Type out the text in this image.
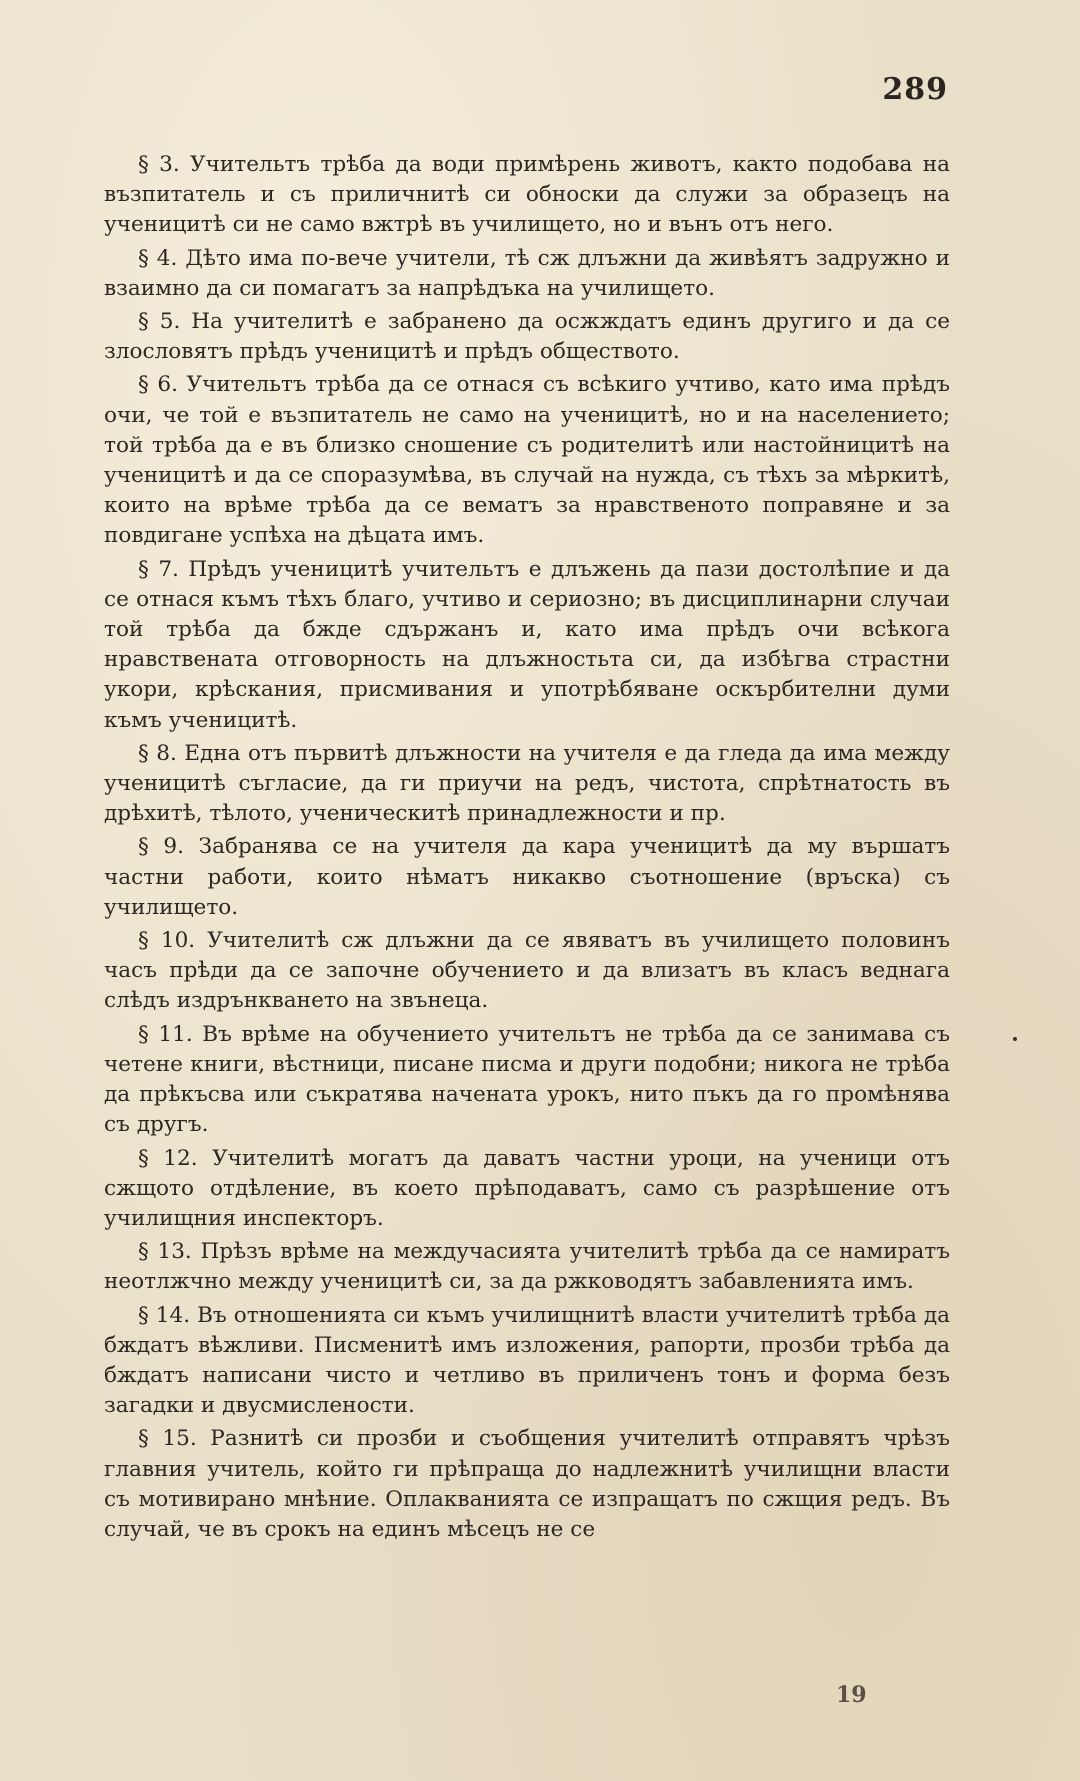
289

§ 3. Учительтъ трѣба да води примѣрень животъ, както подобава на възпитатель и съ приличнитѣ си обноски да служи за образецъ на ученицитѣ си не само вжтрѣ въ училището, но и вънъ отъ него.

§ 4. Дѣто има по-вече учители, тѣ сж длъжни да живѣятъ задружно и взаимно да си помагатъ за напрѣдъка на училището.

§ 5. На учителитѣ е забранено да осжждатъ единъ другиго и да се злословятъ прѣдъ ученицитѣ и прѣдъ обществото.

§ 6. Учительтъ трѣба да се отнася съ всѣкиго учтиво, като има прѣдъ очи, че той е възпитатель не само на ученицитѣ, но и на населението; той трѣба да е въ близко сношение съ родителитѣ или настойницитѣ на ученицитѣ и да се споразумѣва, въ случай на нужда, съ тѣхъ за мѣркитѣ, които на врѣме трѣба да се вематъ за нравственото поправяне и за повдигане успѣха на дѣцата имъ.

§ 7. Прѣдъ ученицитѣ учительтъ е длъжень да пази достолѣпие и да се отнася къмъ тѣхъ благо, учтиво и сериозно; въ дисциплинарни случаи той трѣба да бжде сдържанъ и, като има прѣдъ очи всѣкога нравствената отговорность на длъжностьта си, да избѣгва страстни укори, крѣскания, присмивания и употрѣбяване оскърбителни думи къмъ ученицитѣ.

§ 8. Една отъ първитѣ длъжности на учителя е да гледа да има между ученицитѣ съгласие, да ги приучи на редъ, чистота, спрѣтнатость въ дрѣхитѣ, тѣлото, ученическитѣ принадлежности и пр.

§ 9. Забранява се на учителя да кара ученицитѣ да му вършатъ частни работи, които нѣматъ никакво съотношение (връска) съ училището.

§ 10. Учителитѣ сж длъжни да се явяватъ въ училището половинъ часъ прѣди да се започне обучението и да влизатъ въ класъ веднага слѣдъ издрънкването на звънеца.

§ 11. Въ врѣме на обучението учительтъ не трѣба да се занимава съ четене книги, вѣстници, писане писма и други подобни; никога не трѣба да прѣкъсва или съкратява начената урокъ, нито пъкъ да го промѣнява съ другъ.

§ 12. Учителитѣ могатъ да даватъ частни уроци, на ученици отъ сжщото отдѣление, въ което прѣподаватъ, само съ разрѣшение отъ училищния инспекторъ.

§ 13. Прѣзъ врѣме на междучасията учителитѣ трѣба да се намиратъ неотлжчно между ученицитѣ си, за да ржководятъ забавленията имъ.

§ 14. Въ отношенията си къмъ училищнитѣ власти учителитѣ трѣба да бждатъ вѣжливи. Писменитѣ имъ изложения, рапорти, прозби трѣба да бждатъ написани чисто и четливо въ приличенъ тонъ и форма безъ загадки и двусмислености.

§ 15. Разнитѣ си прозби и съобщения учителитѣ отправятъ чрѣзъ главния учитель, който ги прѣпраща до надлежнитѣ училищни власти съ мотивирано мнѣние. Оплакванията се изпращатъ по сжщия редъ. Въ случай, че въ срокъ на единъ мѣсецъ не се

19
